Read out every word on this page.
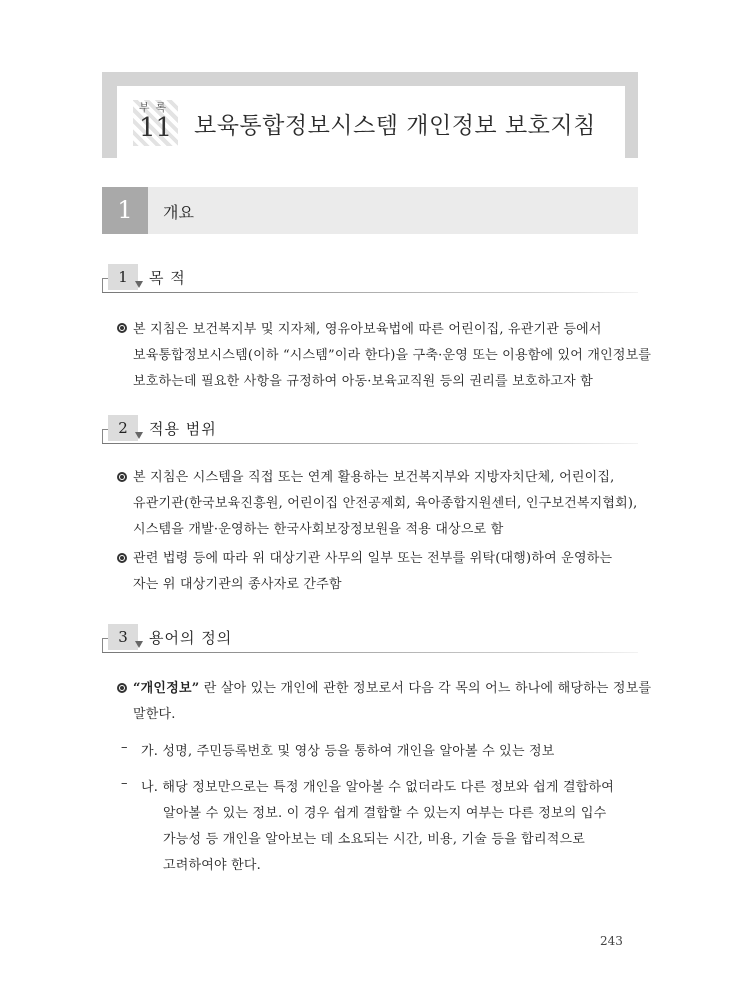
부록
11 보육통합정보시스템 개인정보 보호지침
1	개요
1	목 적
본 지침은 보건복지부 및 지자체, 영유아보육법에 따른 어린이집, 유관기관 등에서
보육통합정보시스템(이하 “시스템”이라 한다)을 구축·운영 또는 이용함에 있어 개인정보를
보호하는데 필요한 사항을 규정하여 아동·보육교직원 등의 권리를 보호하고자 함
2	적용 범위
본 지침은 시스템을 직접 또는 연계 활용하는 보건복지부와 지방자치단체, 어린이집,
유관기관(한국보육진흥원, 어린이집 안전공제회, 육아종합지원센터, 인구보건복지협회),
시스템을 개발·운영하는 한국사회보장정보원을 적용 대상으로 함
관련 법령 등에 따라 위 대상기관 사무의 일부 또는 전부를 위탁(대행)하여 운영하는
자는 위 대상기관의 종사자로 간주함
3	용어의 정의
“개인정보” 란 살아 있는 개인에 관한 정보로서 다음 각 목의 어느 하나에 해당하는 정보를
말한다.
– 가. 성명, 주민등록번호 및 영상 등을 통하여 개인을 알아볼 수 있는 정보
– 나. 해당 정보만으로는 특정 개인을 알아볼 수 없더라도 다른 정보와 쉽게 결합하여
알아볼 수 있는 정보. 이 경우 쉽게 결합할 수 있는지 여부는 다른 정보의 입수
가능성 등 개인을 알아보는 데 소요되는 시간, 비용, 기술 등을 합리적으로
고려하여야 한다.
243
